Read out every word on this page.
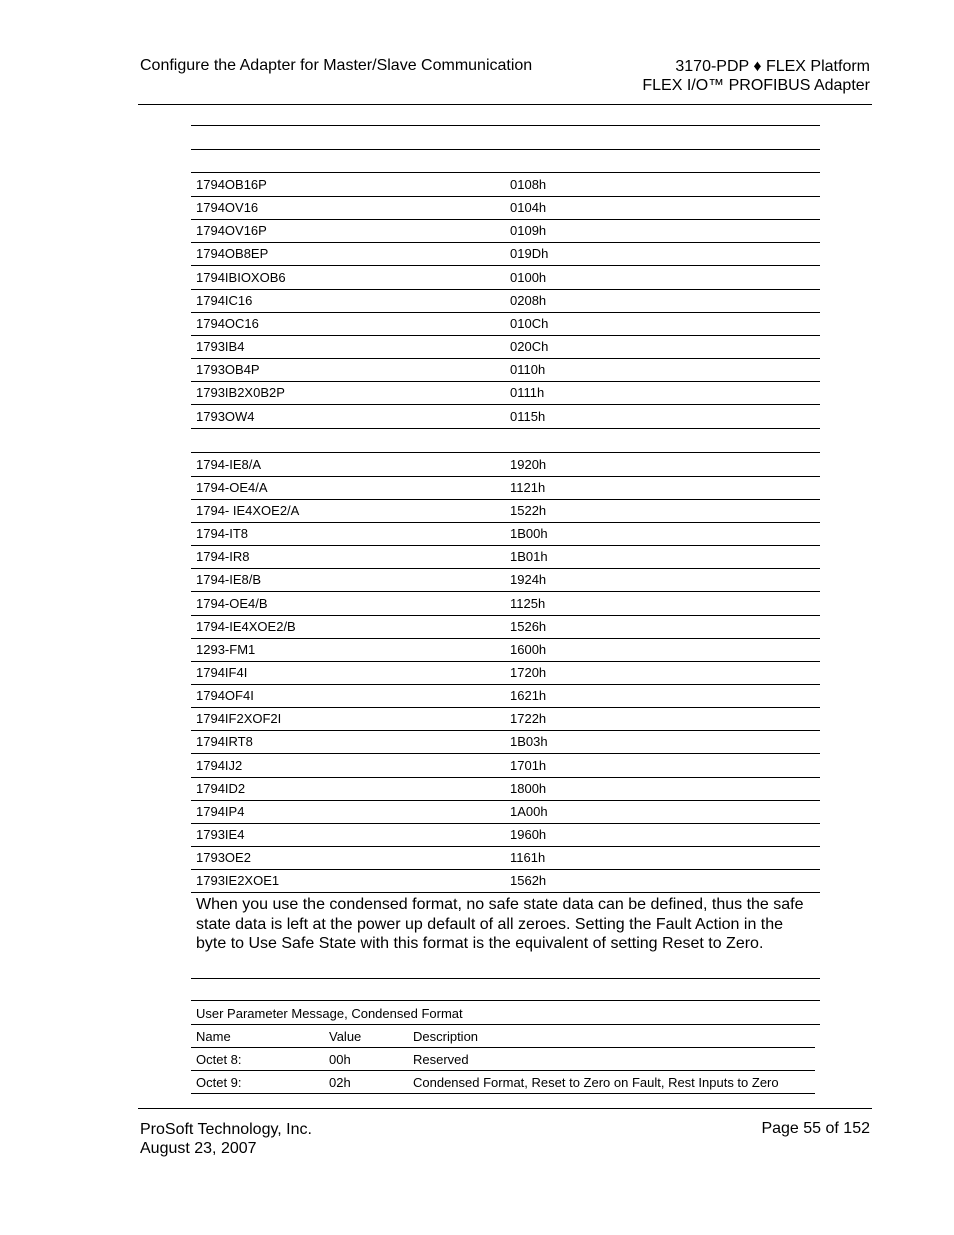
Configure the Adapter for Master/Slave Communication	3170-PDP ♦ FLEX Platform
FLEX I/O™ PROFIBUS Adapter
1794OB16P	0108h
1794OV16	0104h
1794OV16P	0109h
1794OB8EP	019Dh
1794IBIOXOB6	0100h
1794IC16	0208h
1794OC16	010Ch
1793IB4	020Ch
1793OB4P	0110h
1793IB2X0B2P	0111h
1793OW4	0115h
1794-IE8/A	1920h
1794-OE4/A	1121h
1794- IE4XOE2/A	1522h
1794-IT8	1B00h
1794-IR8	1B01h
1794-IE8/B	1924h
1794-OE4/B	1125h
1794-IE4XOE2/B	1526h
1293-FM1	1600h
1794IF4I	1720h
1794OF4I	1621h
1794IF2XOF2I	1722h
1794IRT8	1B03h
1794IJ2	1701h
1794ID2	1800h
1794IP4	1A00h
1793IE4	1960h
1793OE2	1161h
1793IE2XOE1	1562h
When you use the condensed format, no safe state data can be defined, thus the safe state data is left at the power up default of all zeroes. Setting the Fault Action in the byte to Use Safe State with this format is the equivalent of setting Reset to Zero.
User Parameter Message, Condensed Format
Name	Value	Description
Octet 8:	00h	Reserved
Octet 9:	02h	Condensed Format, Reset to Zero on Fault, Rest Inputs to Zero
ProSoft Technology, Inc.
August 23, 2007
Page 55 of 152
